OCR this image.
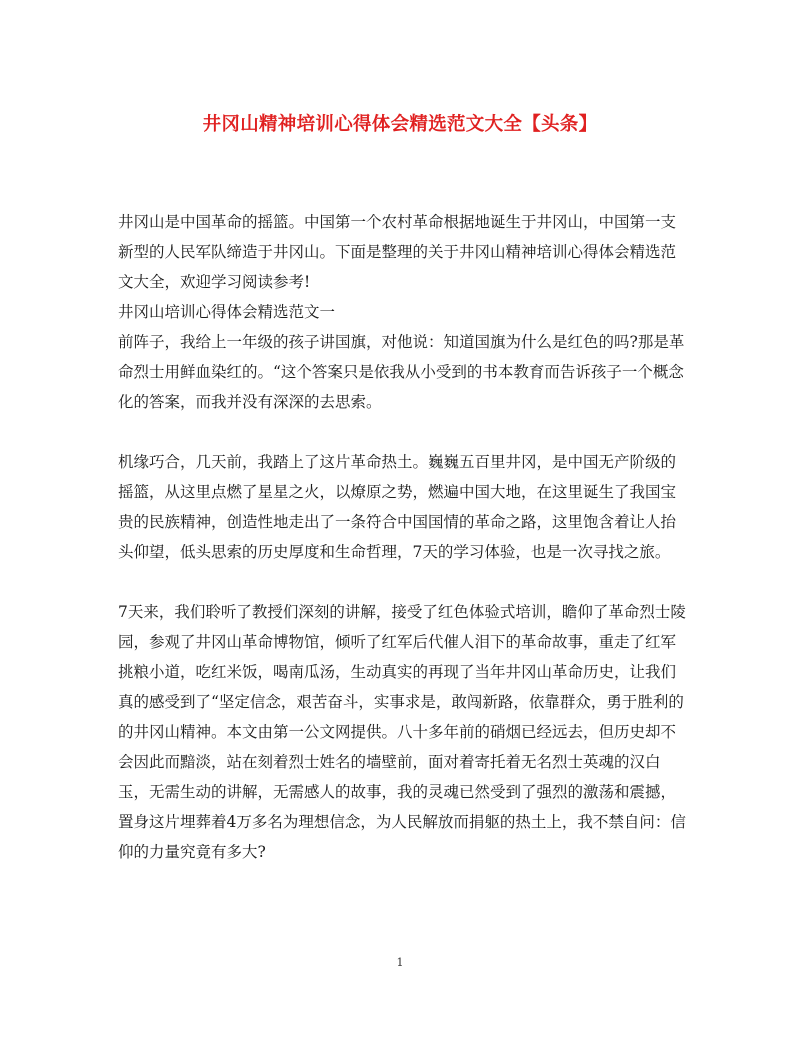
井冈山精神培训心得体会精选范文大全【头条】

井冈山是中国革命的摇篮。中国第一个农村革命根据地诞生于井冈山，中国第一支新型的人民军队缔造于井冈山。下面是整理的关于井冈山精神培训心得体会精选范文大全，欢迎学习阅读参考!

井冈山培训心得体会精选范文一

前阵子，我给上一年级的孩子讲国旗，对他说：知道国旗为什么是红色的吗?那是革命烈士用鲜血染红的。“这个答案只是依我从小受到的书本教育而告诉孩子一个概念化的答案，而我并没有深深的去思索。

机缘巧合，几天前，我踏上了这片革命热土。巍巍五百里井冈，是中国无产阶级的摇篮，从这里点燃了星星之火，以燎原之势，燃遍中国大地，在这里诞生了我国宝贵的民族精神，创造性地走出了一条符合中国国情的革命之路，这里饱含着让人抬头仰望，低头思索的历史厚度和生命哲理，7天的学习体验，也是一次寻找之旅。

7天来，我们聆听了教授们深刻的讲解，接受了红色体验式培训，瞻仰了革命烈士陵园，参观了井冈山革命博物馆，倾听了红军后代催人泪下的革命故事，重走了红军挑粮小道，吃红米饭，喝南瓜汤，生动真实的再现了当年井冈山革命历史，让我们真的感受到了“坚定信念，艰苦奋斗，实事求是，敢闯新路，依靠群众，勇于胜利的的井冈山精神。本文由第一公文网提供。八十多年前的硝烟已经远去，但历史却不会因此而黯淡，站在刻着烈士姓名的墙壁前，面对着寄托着无名烈士英魂的汉白玉，无需生动的讲解，无需感人的故事，我的灵魂已然受到了强烈的激荡和震撼，置身这片埋葬着4万多名为理想信念，为人民解放而捐躯的热土上，我不禁自问：信仰的力量究竟有多大?

1
